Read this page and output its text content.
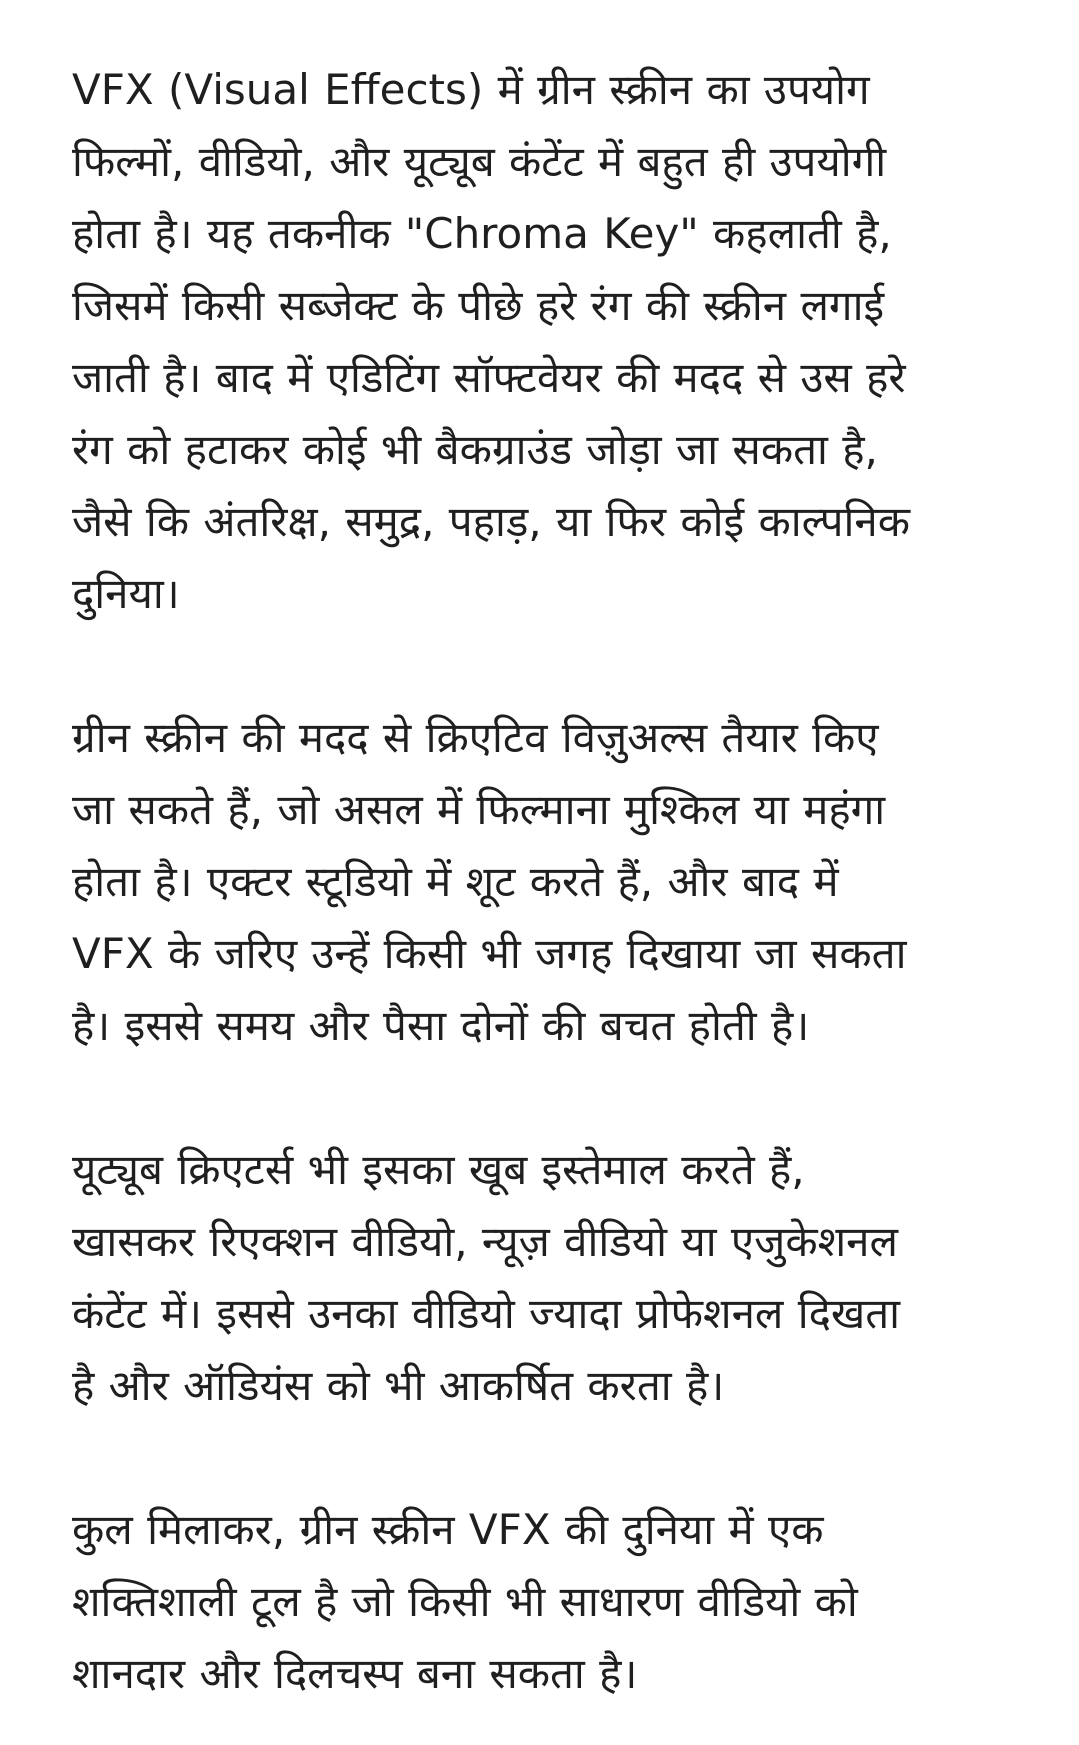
VFX (Visual Effects) में ग्रीन स्क्रीन का उपयोग
फिल्मों, वीडियो, और यूट्यूब कंटेंट में बहुत ही उपयोगी
होता है। यह तकनीक "Chroma Key" कहलाती है,
जिसमें किसी सब्जेक्ट के पीछे हरे रंग की स्क्रीन लगाई
जाती है। बाद में एडिटिंग सॉफ्टवेयर की मदद से उस हरे
रंग को हटाकर कोई भी बैकग्राउंड जोड़ा जा सकता है,
जैसे कि अंतरिक्ष, समुद्र, पहाड़, या फिर कोई काल्पनिक
दुनिया।

ग्रीन स्क्रीन की मदद से क्रिएटिव विज़ुअल्स तैयार किए
जा सकते हैं, जो असल में फिल्माना मुश्किल या महंगा
होता है। एक्टर स्टूडियो में शूट करते हैं, और बाद में
VFX के जरिए उन्हें किसी भी जगह दिखाया जा सकता
है। इससे समय और पैसा दोनों की बचत होती है।

यूट्यूब क्रिएटर्स भी इसका खूब इस्तेमाल करते हैं,
खासकर रिएक्शन वीडियो, न्यूज़ वीडियो या एजुकेशनल
कंटेंट में। इससे उनका वीडियो ज्यादा प्रोफेशनल दिखता
है और ऑडियंस को भी आकर्षित करता है।

कुल मिलाकर, ग्रीन स्क्रीन VFX की दुनिया में एक
शक्तिशाली टूल है जो किसी भी साधारण वीडियो को
शानदार और दिलचस्प बना सकता है।
